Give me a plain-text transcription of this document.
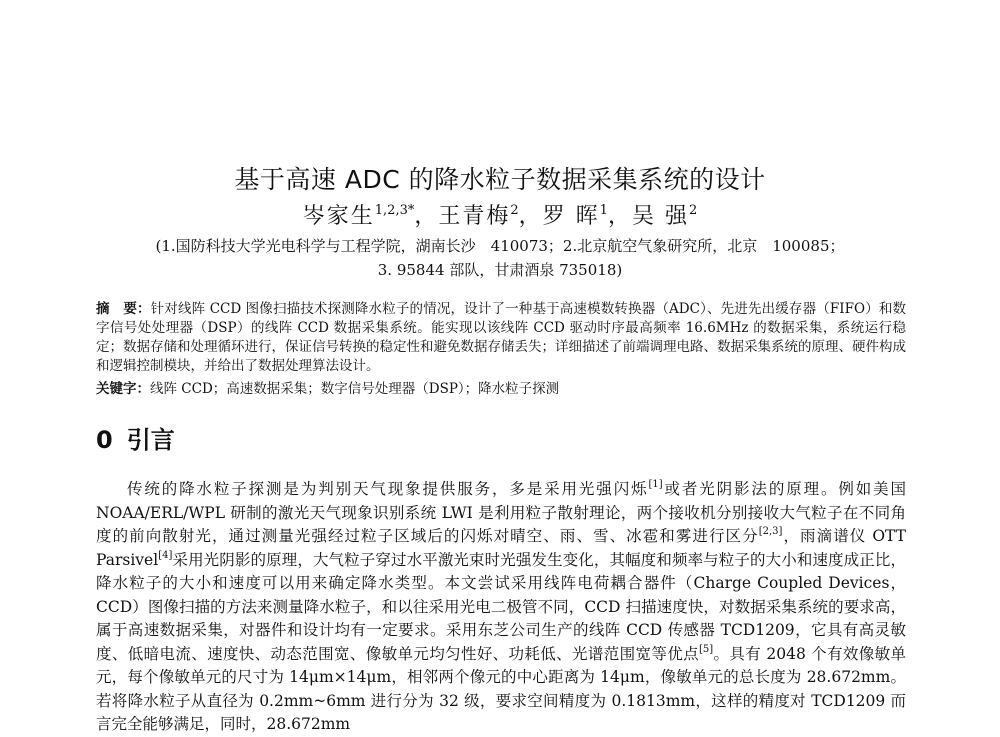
基于高速 ADC 的降水粒子数据采集系统的设计
岑家生$^{1,2,3*}$，王青梅$^2$，罗 晖$^1$，吴 强$^2$
(1.国防科技大学光电科学与工程学院，湖南长沙　410073；2.北京航空气象研究所，北京　100085；
3. 95844 部队，甘肃酒泉 735018)
摘　要：针对线阵 CCD 图像扫描技术探测降水粒子的情况，设计了一种基于高速模数转换器（ADC）、先进先出缓存器（FIFO）和数字信号处处理器（DSP）的线阵 CCD 数据采集系统。能实现以该线阵 CCD 驱动时序最高频率 16.6MHz 的数据采集，系统运行稳定；数据存储和处理循环进行，保证信号转换的稳定性和避免数据存储丢失；详细描述了前端调理电路、数据采集系统的原理、硬件构成和逻辑控制模块，并给出了数据处理算法设计。
关键字：线阵 CCD；高速数据采集；数字信号处理器（DSP）；降水粒子探测
0 引言

传统的降水粒子探测是为判别天气现象提供服务，多是采用光强闪烁[1]或者光阴影法的原理。例如美国 NOAA/ERL/WPL 研制的激光天气现象识别系统 LWI 是利用粒子散射理论，两个接收机分别接收大气粒子在不同角度的前向散射光，通过测量光强经过粒子区域后的闪烁对晴空、雨、雪、冰雹和雾进行区分[2,3]，雨滴谱仪 OTT Parsivel[4]采用光阴影的原理，大气粒子穿过水平激光束时光强发生变化，其幅度和频率与粒子的大小和速度成正比，降水粒子的大小和速度可以用来确定降水类型。本文尝试采用线阵电荷耦合器件（Charge Coupled Devices， CCD）图像扫描的方法来测量降水粒子，和以往采用光电二极管不同，CCD 扫描速度快，对数据采集系统的要求高，属于高速数据采集，对器件和设计均有一定要求。采用东芝公司生产的线阵 CCD 传感器 TCD1209，它具有高灵敏度、低暗电流、速度快、动态范围宽、像敏单元均匀性好、功耗低、光谱范围宽等优点[5]。具有 2048 个有效像敏单元，每个像敏单元的尺寸为 14μm×14μm，相邻两个像元的中心距离为 14μm，像敏单元的总长度为 28.672mm。若将降水粒子从直径为 0.2mm~6mm 进行分为 32 级，要求空间精度为 0.1813mm，这样的精度对 TCD1209 而言完全能够满足，同时，28.672mm
